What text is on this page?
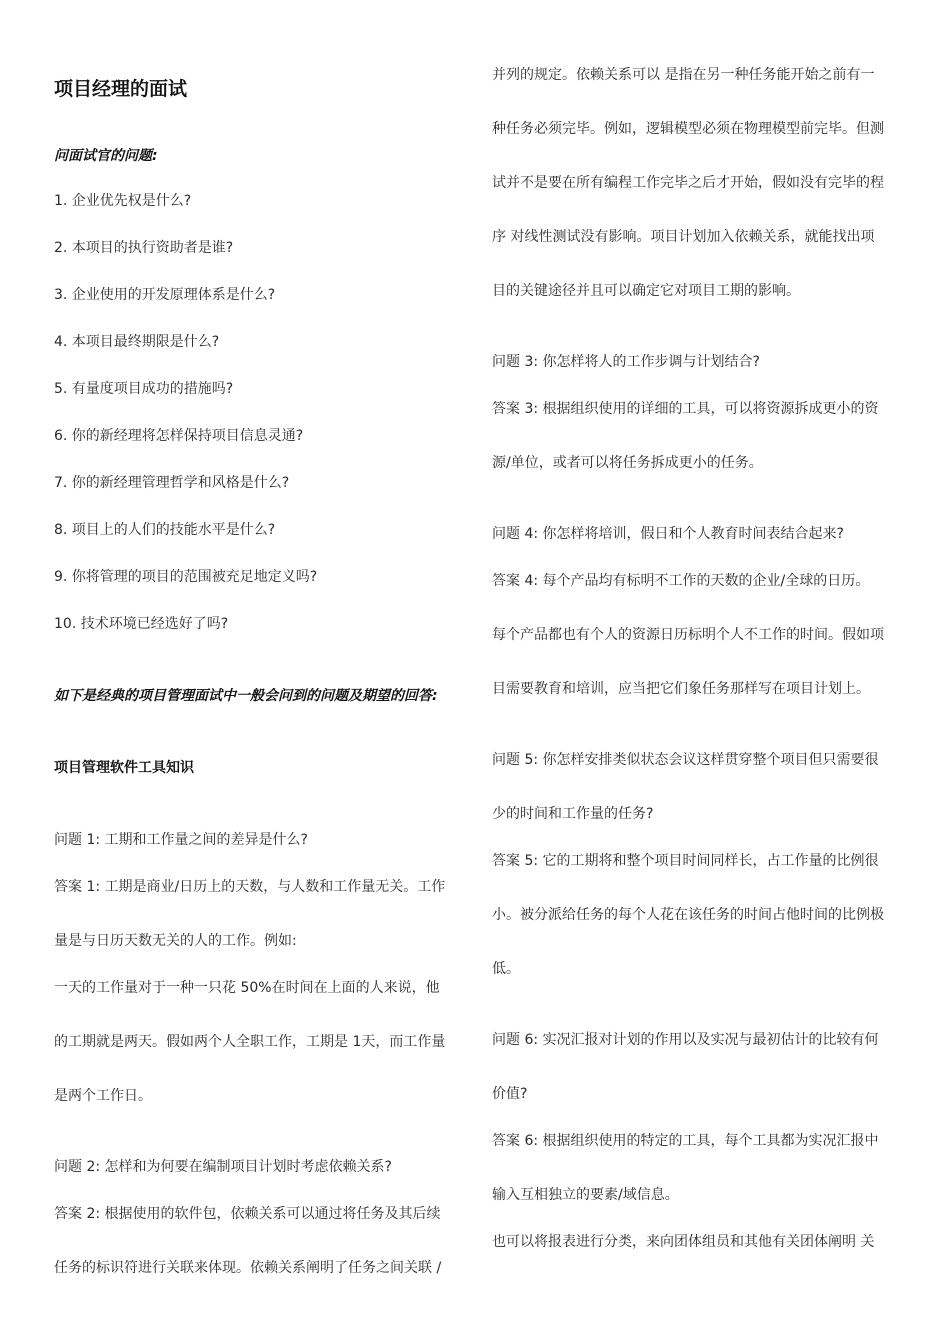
项目经理的面试
问面试官的问题:
1. 企业优先权是什么?
2. 本项目的执行资助者是谁?
3. 企业使用的开发原理体系是什么?
4. 本项目最终期限是什么?
5. 有量度项目成功的措施吗?
6. 你的新经理将怎样保持项目信息灵通?
7. 你的新经理管理哲学和风格是什么?
8. 项目上的人们的技能水平是什么?
9. 你将管理的项目的范围被充足地定义吗?
10. 技术环境已经选好了吗?
如下是经典的项目管理面试中一般会问到的问题及期望的回答:
项目管理软件工具知识
问题 1: 工期和工作量之间的差异是什么?
答案 1: 工期是商业/日历上的天数，与人数和工作量无关。工作
量是与日历天数无关的人的工作。例如:
一天的工作量对于一种一只花 50%在时间在上面的人来说，他
的工期就是两天。假如两个人全职工作，工期是 1天，而工作量
是两个工作日。
问题 2: 怎样和为何要在编制项目计划时考虑依赖关系?
答案 2: 根据使用的软件包，依赖关系可以通过将任务及其后续
任务的标识符进行关联来体现。依赖关系阐明了任务之间关联 /
并列的规定。依赖关系可以 是指在另一种任务能开始之前有一
种任务必须完毕。例如，逻辑模型必须在物理模型前完毕。但测
试并不是要在所有编程工作完毕之后才开始，假如没有完毕的程
序 对线性测试没有影响。项目计划加入依赖关系，就能找出项
目的关键途径并且可以确定它对项目工期的影响。
问题 3: 你怎样将人的工作步调与计划结合?
答案 3: 根据组织使用的详细的工具，可以将资源拆成更小的资
源/单位，或者可以将任务拆成更小的任务。
问题 4: 你怎样将培训，假日和个人教育时间表结合起来?
答案 4: 每个产品均有标明不工作的天数的企业/全球的日历。
每个产品都也有个人的资源日历标明个人不工作的时间。假如项
目需要教育和培训，应当把它们象任务那样写在项目计划上。
问题 5: 你怎样安排类似状态会议这样贯穿整个项目但只需要很
少的时间和工作量的任务?
答案 5: 它的工期将和整个项目时间同样长，占工作量的比例很
小。被分派给任务的每个人花在该任务的时间占他时间的比例极
低。
问题 6: 实况汇报对计划的作用以及实况与最初估计的比较有何
价值?
答案 6: 根据组织使用的特定的工具，每个工具都为实况汇报中
输入互相独立的要素/域信息。
也可以将报表进行分类，来向团体组员和其他有关团体阐明 关
